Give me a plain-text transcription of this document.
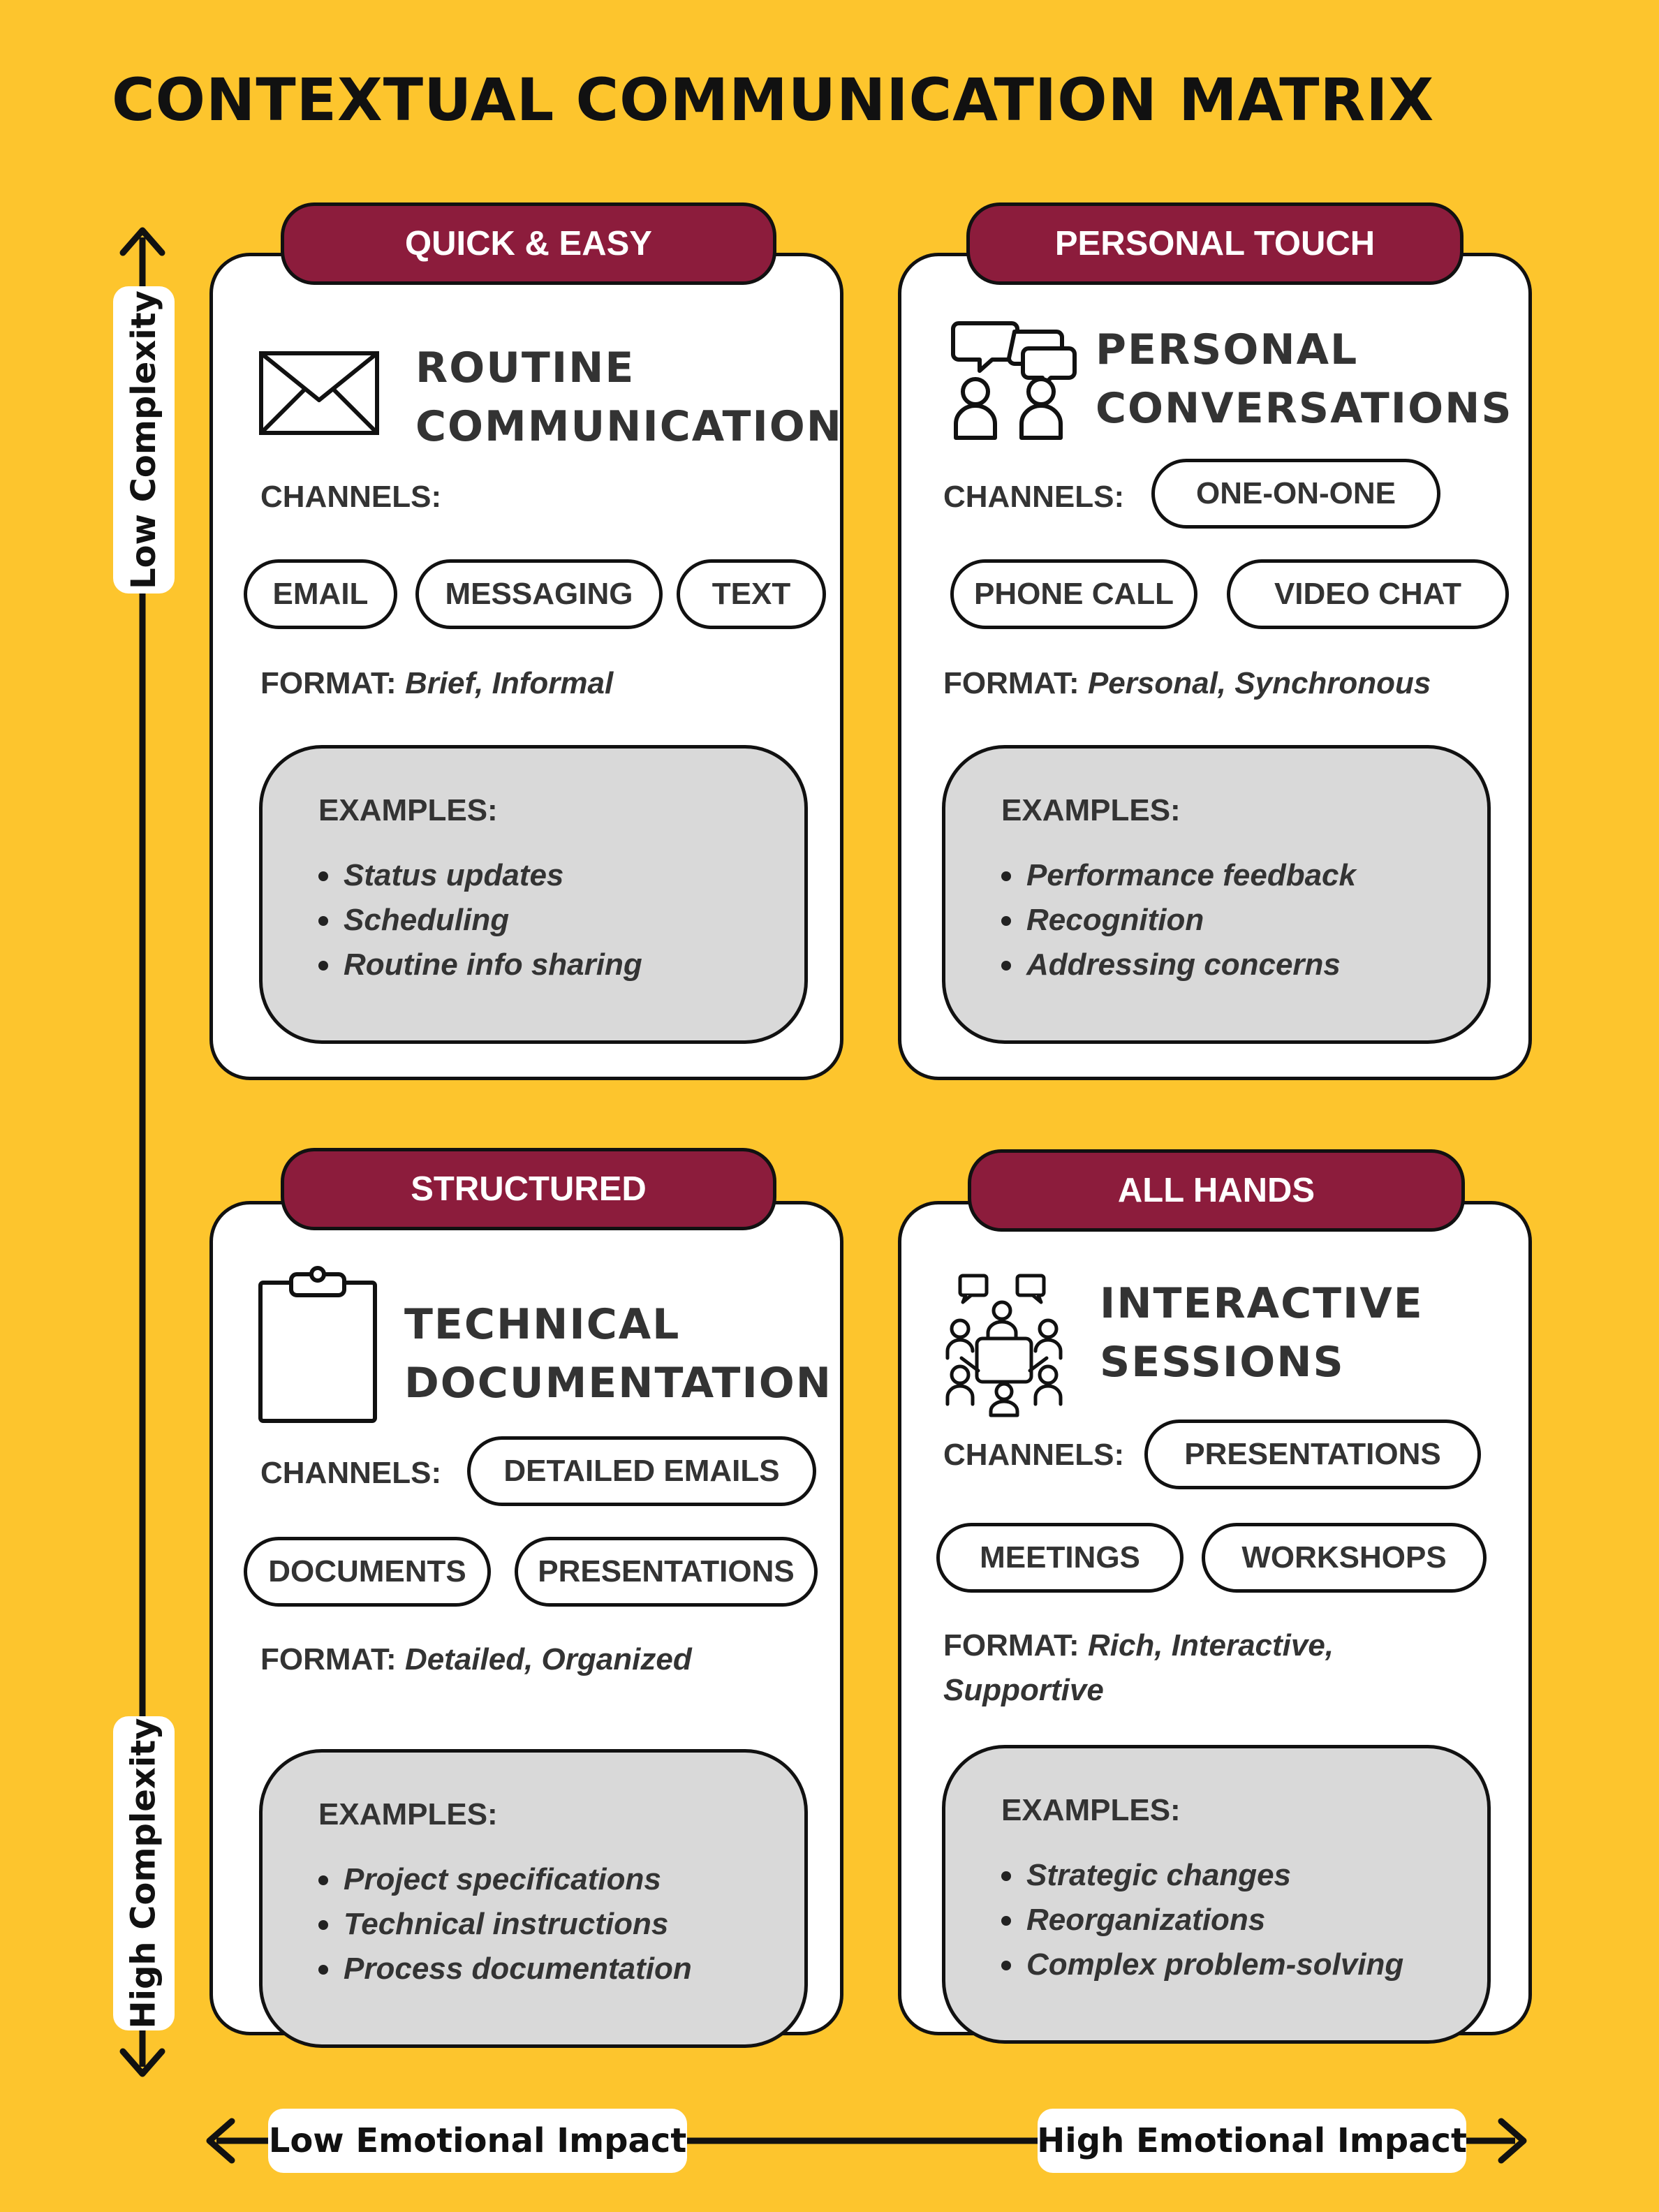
CONTEXTUAL COMMUNICATION MATRIX
Low Complexity
High Complexity
Low Emotional Impact	High Emotional Impact
ROUTINE
COMMUNICATION
CHANNELS:
EMAIL	MESSAGING	TEXT
FORMAT: Brief, Informal
EXAMPLES:
Status updates
Scheduling
Routine info sharing
QUICK & EASY
PERSONAL
CONVERSATIONS
CHANNELS:	ONE-ON-ONE
PHONE CALL	VIDEO CHAT
FORMAT: Personal, Synchronous
EXAMPLES:
Performance feedback
Recognition
Addressing concerns
PERSONAL TOUCH
TECHNICAL
DOCUMENTATION
CHANNELS:	DETAILED EMAILS
DOCUMENTS	PRESENTATIONS
FORMAT: Detailed, Organized
EXAMPLES:
Project specifications
Technical instructions
Process documentation
STRUCTURED
INTERACTIVE
SESSIONS
CHANNELS:	PRESENTATIONS
MEETINGS	WORKSHOPS
FORMAT: Rich, Interactive,
Supportive
EXAMPLES:
Strategic changes
Reorganizations
Complex problem-solving
ALL HANDS
